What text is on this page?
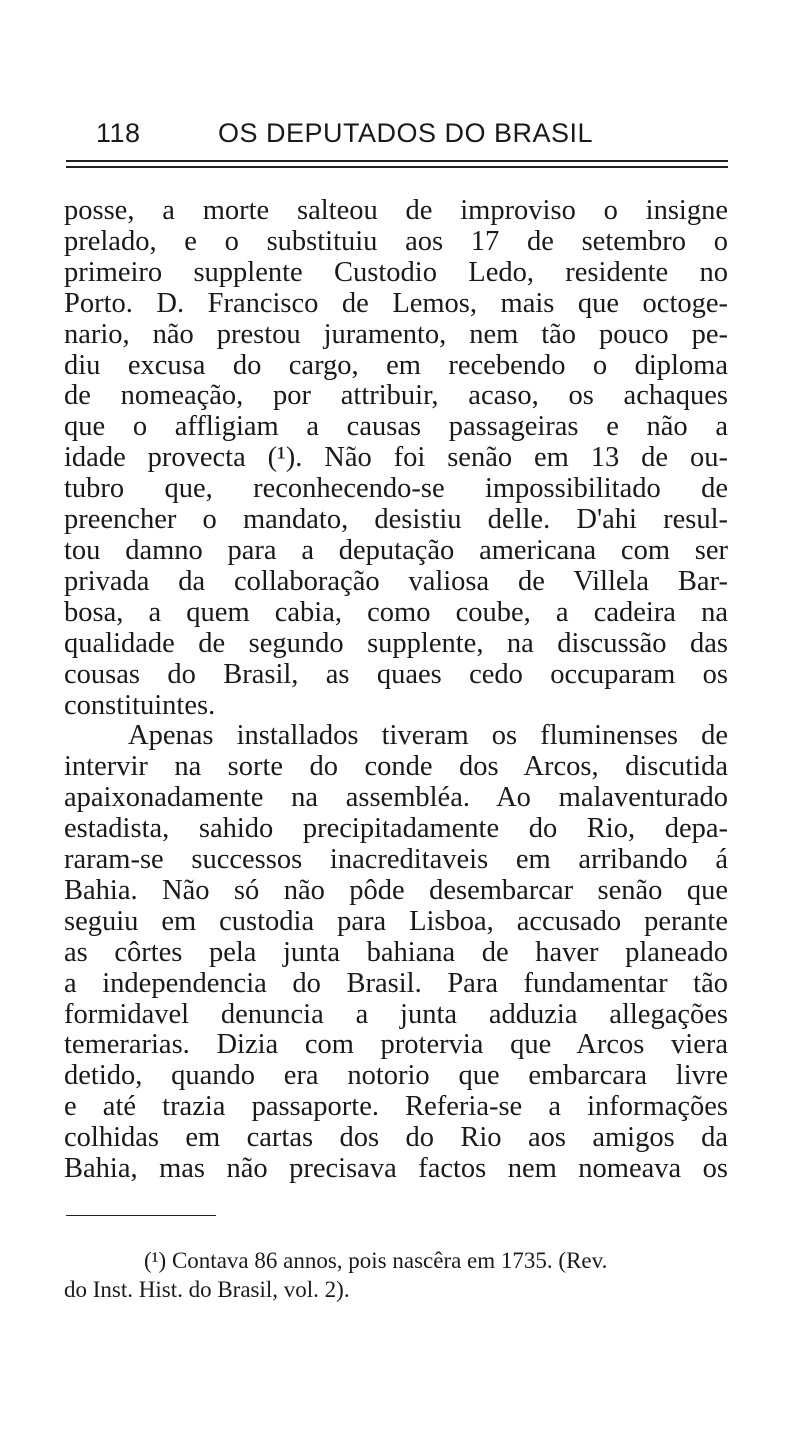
118	OS DEPUTADOS DO BRASIL
posse, a morte salteou de improviso o insigne
prelado, e o substituiu aos 17 de setembro o
primeiro supplente Custodio Ledo, residente no
Porto. D. Francisco de Lemos, mais que octoge-
nario, não prestou juramento, nem tão pouco pe-
diu excusa do cargo, em recebendo o diploma
de nomeação, por attribuir, acaso, os achaques
que o affligiam a causas passageiras e não a
idade provecta (¹). Não foi senão em 13 de ou-
tubro que, reconhecendo-se impossibilitado de
preencher o mandato, desistiu delle. D'ahi resul-
tou damno para a deputação americana com ser
privada da collaboração valiosa de Villela Bar-
bosa, a quem cabia, como coube, a cadeira na
qualidade de segundo supplente, na discussão das
cousas do Brasil, as quaes cedo occuparam os
constituintes.
Apenas installados tiveram os fluminenses de
intervir na sorte do conde dos Arcos, discutida
apaixonadamente na assembléa. Ao malaventurado
estadista, sahido precipitadamente do Rio, depa-
raram-se successos inacreditaveis em arribando á
Bahia. Não só não pôde desembarcar senão que
seguiu em custodia para Lisboa, accusado perante
as côrtes pela junta bahiana de haver planeado
a independencia do Brasil. Para fundamentar tão
formidavel denuncia a junta adduzia allegações
temerarias. Dizia com protervia que Arcos viera
detido, quando era notorio que embarcara livre
e até trazia passaporte. Referia-se a informações
colhidas em cartas dos do Rio aos amigos da
Bahia, mas não precisava factos nem nomeava os
(¹) Contava 86 annos, pois nascêra em 1735. (Rev.
do Inst. Hist. do Brasil, vol. 2).
